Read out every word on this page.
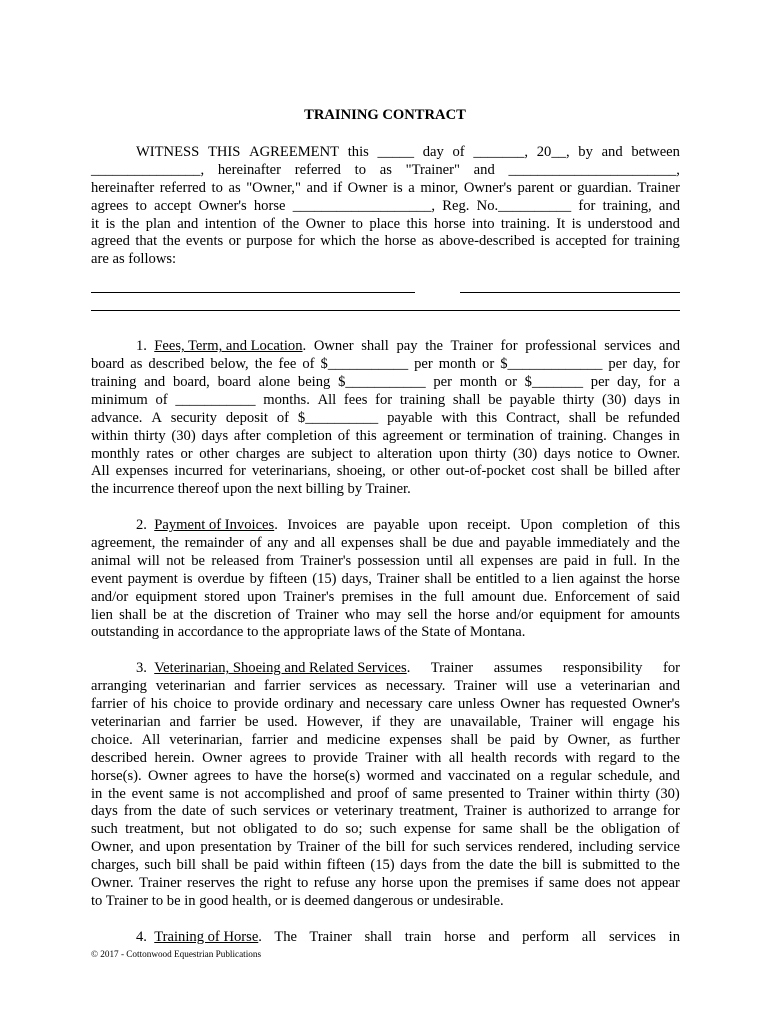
TRAINING CONTRACT
WITNESS THIS AGREEMENT this _____ day of _______, 20__, by and between
_______________, hereinafter referred to as "Trainer" and _______________________,
hereinafter referred to as "Owner," and if Owner is a minor, Owner's parent or guardian. Trainer
agrees to accept Owner's horse ___________________, Reg. No.__________ for training, and
it is the plan and intention of the Owner to place this horse into training. It is understood and
agreed that the events or purpose for which the horse as above-described is accepted for training
are as follows:
1. Fees, Term, and Location . Owner shall pay the Trainer for professional services and
board as described below, the fee of $___________ per month or $_____________ per day, for
training and board, board alone being $___________ per month or $_______ per day, for a
minimum of ___________ months. All fees for training shall be payable thirty (30) days in
advance. A security deposit of $__________ payable with this Contract, shall be refunded
within thirty (30) days after completion of this agreement or termination of training. Changes in
monthly rates or other charges are subject to alteration upon thirty (30) days notice to Owner.
All expenses incurred for veterinarians, shoeing, or other out-of-pocket cost shall be billed after
the incurrence thereof upon the next billing by Trainer.
2. Payment of Invoices . Invoices are payable upon receipt. Upon completion of this
agreement, the remainder of any and all expenses shall be due and payable immediately and the
animal will not be released from Trainer's possession until all expenses are paid in full. In the
event payment is overdue by fifteen (15) days, Trainer shall be entitled to a lien against the horse
and/or equipment stored upon Trainer's premises in the full amount due. Enforcement of said
lien shall be at the discretion of Trainer who may sell the horse and/or equipment for amounts
outstanding in accordance to the appropriate laws of the State of Montana.
3. Veterinarian, Shoeing and Related Services . Trainer assumes responsibility for
arranging veterinarian and farrier services as necessary. Trainer will use a veterinarian and
farrier of his choice to provide ordinary and necessary care unless Owner has requested Owner's
veterinarian and farrier be used. However, if they are unavailable, Trainer will engage his
choice. All veterinarian, farrier and medicine expenses shall be paid by Owner, as further
described herein. Owner agrees to provide Trainer with all health records with regard to the
horse(s). Owner agrees to have the horse(s) wormed and vaccinated on a regular schedule, and
in the event same is not accomplished and proof of same presented to Trainer within thirty (30)
days from the date of such services or veterinary treatment, Trainer is authorized to arrange for
such treatment, but not obligated to do so; such expense for same shall be the obligation of
Owner, and upon presentation by Trainer of the bill for such services rendered, including service
charges, such bill shall be paid within fifteen (15) days from the date the bill is submitted to the
Owner. Trainer reserves the right to refuse any horse upon the premises if same does not appear
to Trainer to be in good health, or is deemed dangerous or undesirable.
4. Training of Horse . The Trainer shall train horse and perform all services in
© 2017 - Cottonwood Equestrian Publications
